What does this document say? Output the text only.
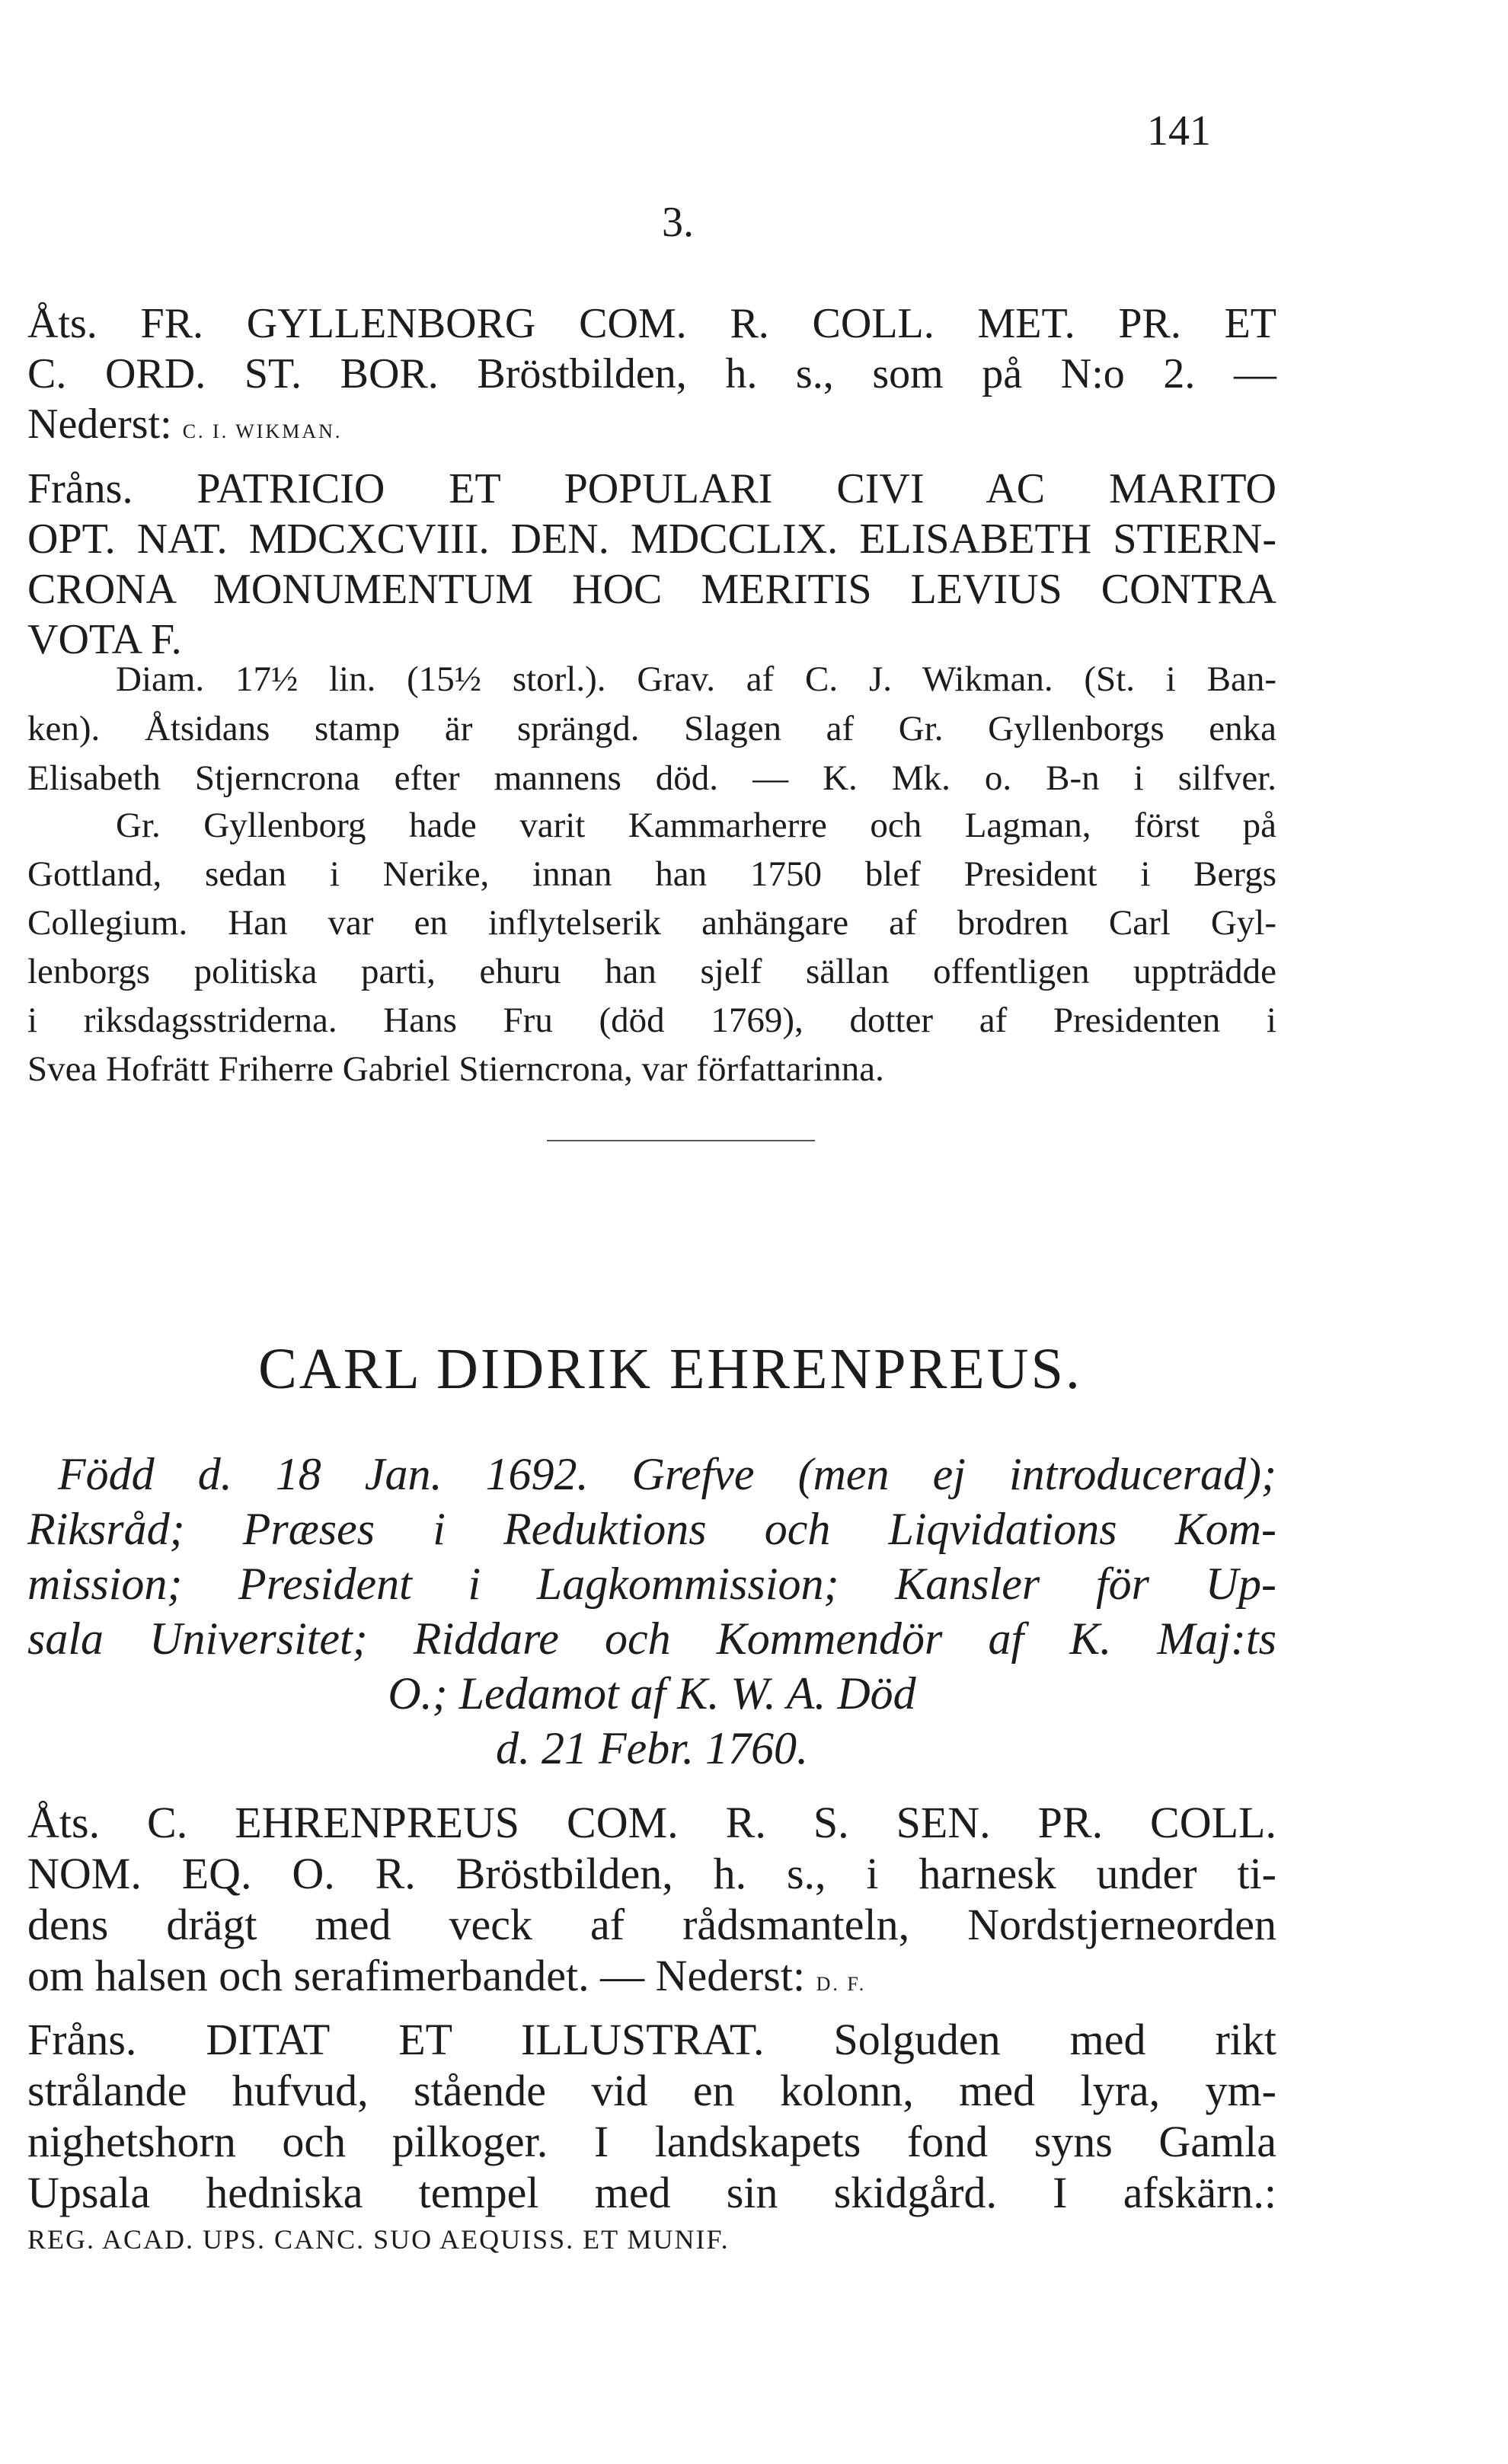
141
3.
Åts. FR. GYLLENBORG COM. R. COLL. MET. PR. ET
C. ORD. ST. BOR. Bröstbilden, h. s., som på N:o 2. —
Nederst: C. I. WIKMAN.
Fråns. PATRICIO ET POPULARI CIVI AC MARITO
OPT. NAT. MDCXCVIII. DEN. MDCCLIX. ELISABETH STIERN-
CRONA MONUMENTUM HOC MERITIS LEVIUS CONTRA
VOTA F.
Diam. 17½ lin. (15½ storl.). Grav. af C. J. Wikman. (St. i Ban-
ken). Åtsidans stamp är sprängd. Slagen af Gr. Gyllenborgs enka
Elisabeth Stjerncrona efter mannens död. — K. Mk. o. B-n i silfver.
Gr. Gyllenborg hade varit Kammarherre och Lagman, först på
Gottland, sedan i Nerike, innan han 1750 blef President i Bergs
Collegium. Han var en inflytelserik anhängare af brodren Carl Gyl-
lenborgs politiska parti, ehuru han sjelf sällan offentligen uppträdde
i riksdagsstriderna. Hans Fru (död 1769), dotter af Presidenten i
Svea Hofrätt Friherre Gabriel Stierncrona, var författarinna.
CARL DIDRIK EHRENPREUS.
Född d. 18 Jan. 1692. Grefve (men ej introducerad);
Riksråd; Præses i Reduktions och Liqvidations Kom-
mission; President i Lagkommission; Kansler för Up-
sala Universitet; Riddare och Kommendör af K. Maj:ts
O.; Ledamot af K. W. A. Död
d. 21 Febr. 1760.
Åts. C. EHRENPREUS COM. R. S. SEN. PR. COLL.
NOM. EQ. O. R. Bröstbilden, h. s., i harnesk under ti-
dens drägt med veck af rådsmanteln, Nordstjerneorden
om halsen och serafimerbandet. — Nederst: D. F.
Fråns. DITAT ET ILLUSTRAT. Solguden med rikt
strålande hufvud, stående vid en kolonn, med lyra, ym-
nighetshorn och pilkoger. I landskapets fond syns Gamla
Upsala hedniska tempel med sin skidgård. I afskärn.:
REG. ACAD. UPS. CANC. SUO AEQUISS. ET MUNIF.
